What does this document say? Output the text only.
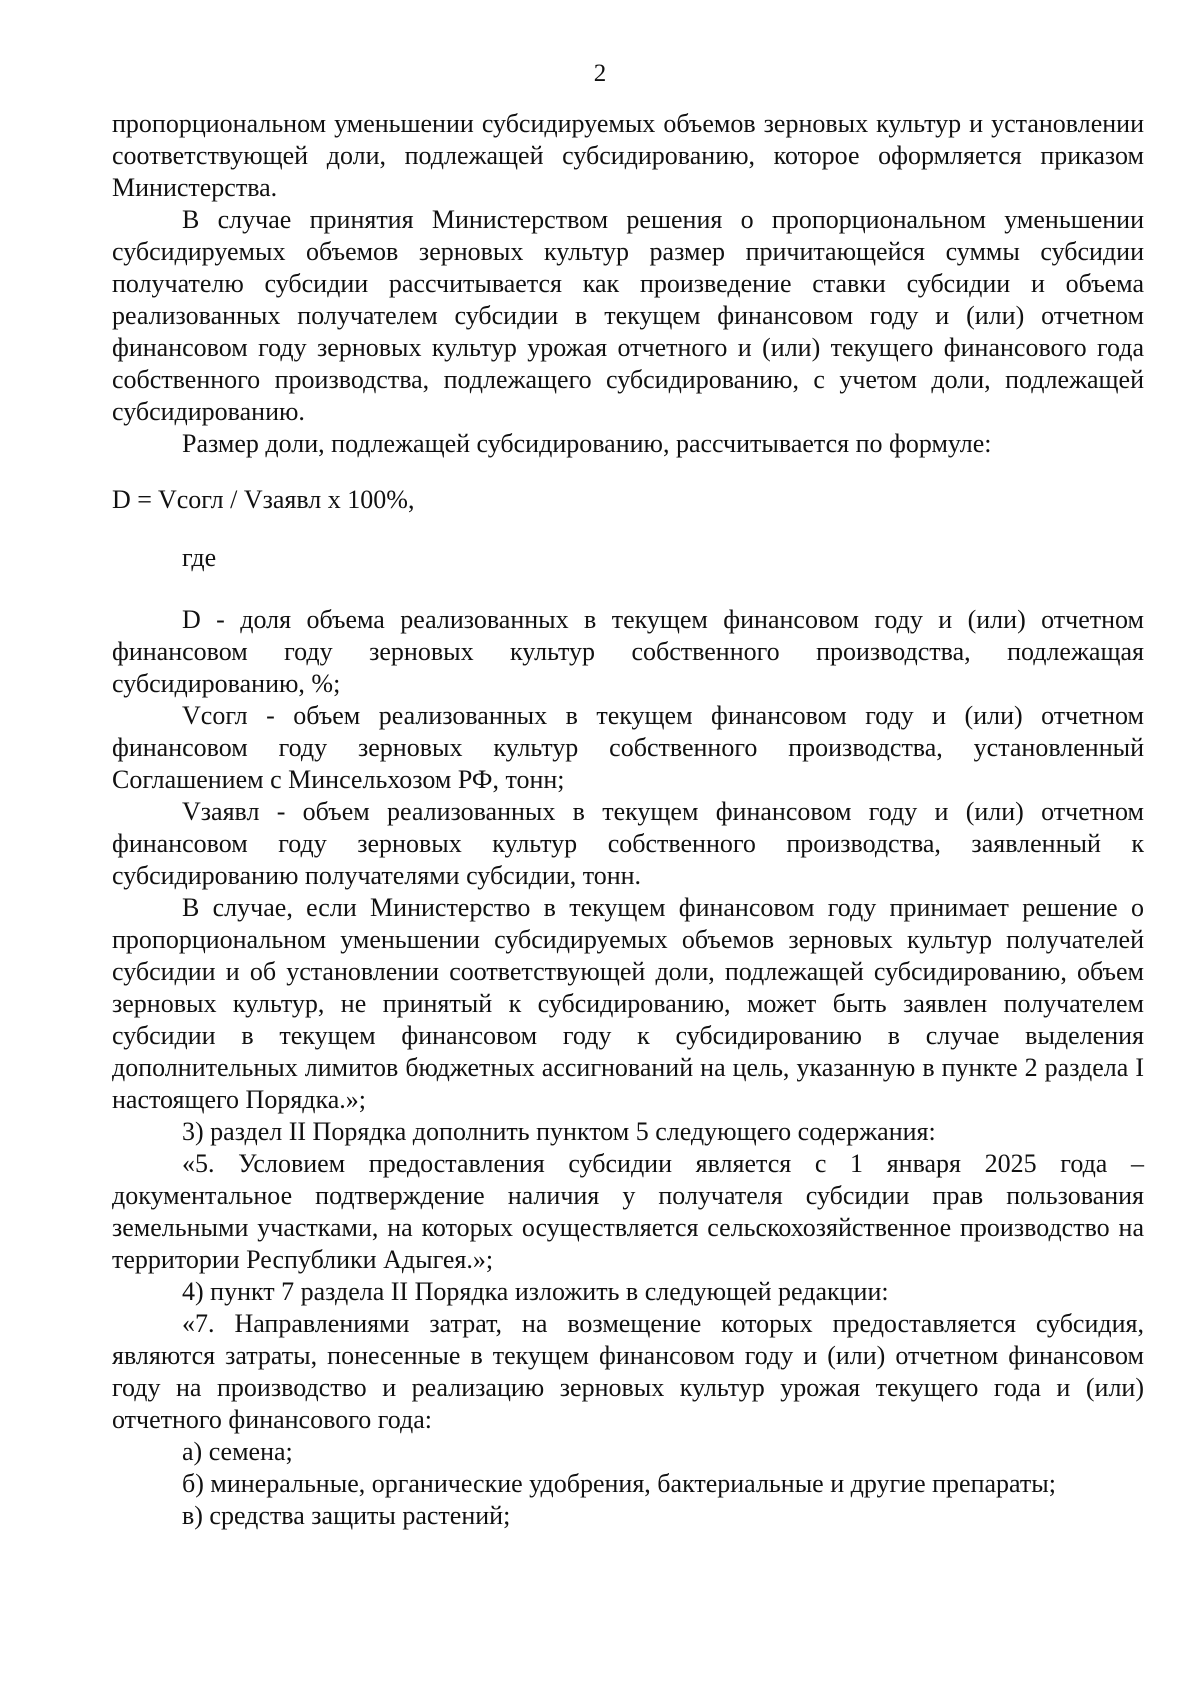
2

пропорциональном уменьшении субсидируемых объемов зерновых культур и установлении соответствующей доли, подлежащей субсидированию, которое оформляется приказом Министерства.

В случае принятия Министерством решения о пропорциональном уменьшении субсидируемых объемов зерновых культур размер причитающейся суммы субсидии получателю субсидии рассчитывается как произведение ставки субсидии и объема реализованных получателем субсидии в текущем финансовом году и (или) отчетном финансовом году зерновых культур урожая отчетного и (или) текущего финансового года собственного производства, подлежащего субсидированию, с учетом доли, подлежащей субсидированию.

Размер доли, подлежащей субсидированию, рассчитывается по формуле:

D = Vсогл / Vзаявл х 100%,

где

D - доля объема реализованных в текущем финансовом году и (или) отчетном финансовом году зерновых культур собственного производства, подлежащая субсидированию, %;

Vсогл - объем реализованных в текущем финансовом году и (или) отчетном финансовом году зерновых культур собственного производства, установленный Соглашением с Минсельхозом РФ, тонн;

Vзаявл - объем реализованных в текущем финансовом году и (или) отчетном финансовом году зерновых культур собственного производства, заявленный к субсидированию получателями субсидии, тонн.

В случае, если Министерство в текущем финансовом году принимает решение о пропорциональном уменьшении субсидируемых объемов зерновых культур получателей субсидии и об установлении соответствующей доли, подлежащей субсидированию, объем зерновых культур, не принятый к субсидированию, может быть заявлен получателем субсидии в текущем финансовом году к субсидированию в случае выделения дополнительных лимитов бюджетных ассигнований на цель, указанную в пункте 2 раздела I настоящего Порядка.»;

3) раздел II Порядка дополнить пунктом 5 следующего содержания:

«5. Условием предоставления субсидии является с 1 января 2025 года – документальное подтверждение наличия у получателя субсидии прав пользования земельными участками, на которых осуществляется сельскохозяйственное производство на территории Республики Адыгея.»;

4) пункт 7 раздела II Порядка изложить в следующей редакции:

«7. Направлениями затрат, на возмещение которых предоставляется субсидия, являются затраты, понесенные в текущем финансовом году и (или) отчетном финансовом году на производство и реализацию зерновых культур урожая текущего года и (или) отчетного финансового года:

а) семена;

б) минеральные, органические удобрения, бактериальные и другие препараты;

в) средства защиты растений;
